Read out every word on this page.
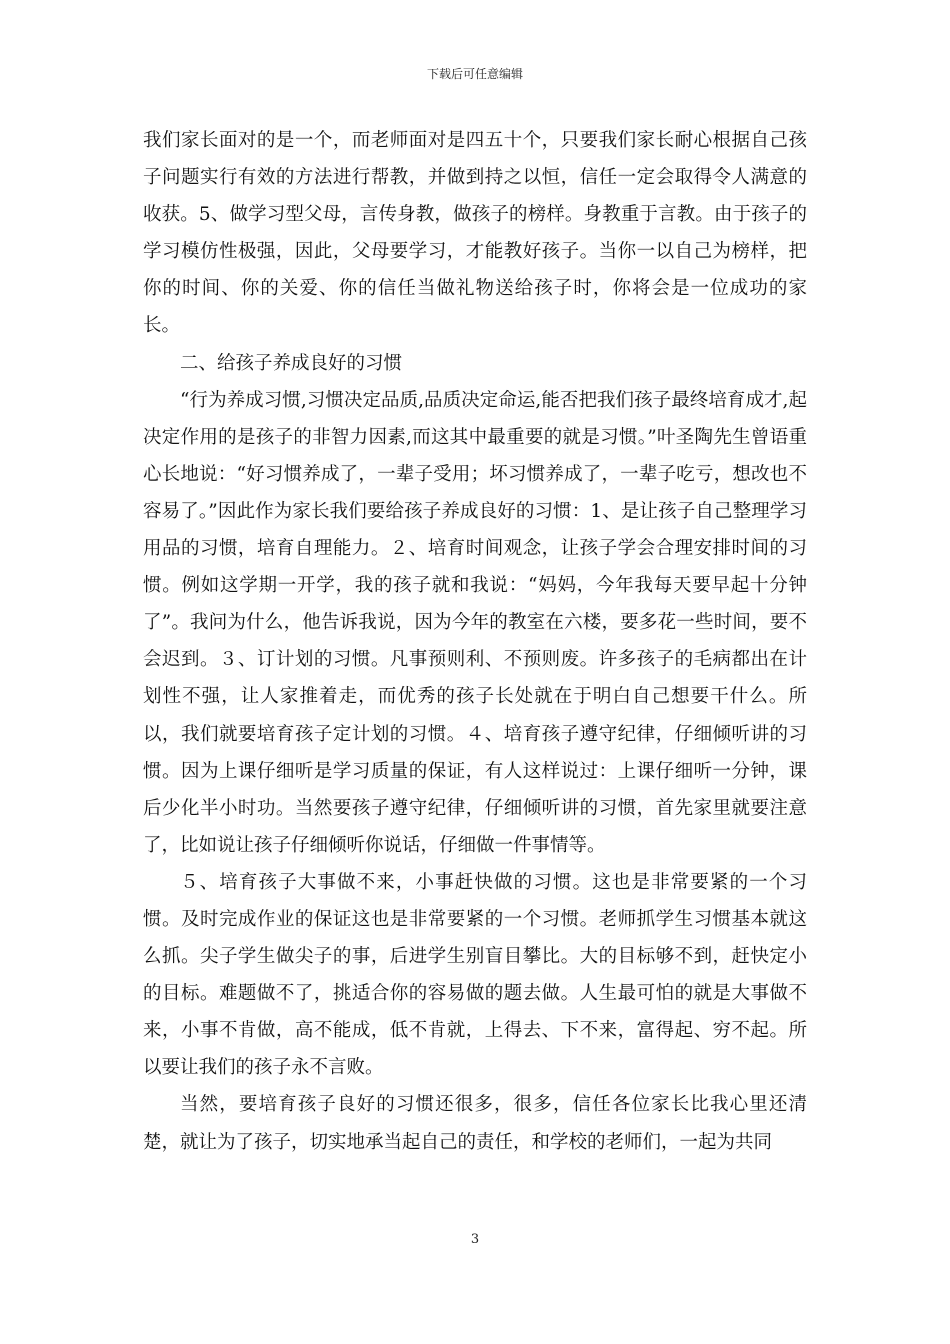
下载后可任意编辑

我们家长面对的是一个，而老师面对是四五十个，只要我们家长耐心根据自己孩子问题实行有效的方法进行帮教，并做到持之以恒，信任一定会取得令人满意的收获。5、做学习型父母，言传身教，做孩子的榜样。身教重于言教。由于孩子的学习模仿性极强，因此，父母要学习，才能教好孩子。当你一以自己为榜样，把你的时间、你的关爱、你的信任当做礼物送给孩子时，你将会是一位成功的家长。

二、给孩子养成良好的习惯

“行为养成习惯,习惯决定品质,品质决定命运,能否把我们孩子最终培育成才,起决定作用的是孩子的非智力因素,而这其中最重要的就是习惯。”叶圣陶先生曾语重心长地说：“好习惯养成了，一辈子受用；坏习惯养成了，一辈子吃亏，想改也不容易了。”因此作为家长我们要给孩子养成良好的习惯：1、是让孩子自己整理学习用品的习惯，培育自理能力。２、培育时间观念，让孩子学会合理安排时间的习惯。例如这学期一开学，我的孩子就和我说：“妈妈，今年我每天要早起十分钟了”。我问为什么，他告诉我说，因为今年的教室在六楼，要多花一些时间，要不会迟到。３、订计划的习惯。凡事预则利、不预则废。许多孩子的毛病都出在计划性不强，让人家推着走，而优秀的孩子长处就在于明白自己想要干什么。所以，我们就要培育孩子定计划的习惯。４、培育孩子遵守纪律，仔细倾听讲的习惯。因为上课仔细听是学习质量的保证，有人这样说过：上课仔细听一分钟，课后少化半小时功。当然要孩子遵守纪律，仔细倾听讲的习惯，首先家里就要注意了，比如说让孩子仔细倾听你说话，仔细做一件事情等。

５、培育孩子大事做不来，小事赶快做的习惯。这也是非常要紧的一个习惯。及时完成作业的保证这也是非常要紧的一个习惯。老师抓学生习惯基本就这么抓。尖子学生做尖子的事，后进学生别盲目攀比。大的目标够不到，赶快定小的目标。难题做不了，挑适合你的容易做的题去做。人生最可怕的就是大事做不来，小事不肯做，高不能成，低不肯就，上得去、下不来，富得起、穷不起。所以要让我们的孩子永不言败。

当然，要培育孩子良好的习惯还很多，很多，信任各位家长比我心里还清楚，就让为了孩子，切实地承当起自己的责任，和学校的老师们，一起为共同

3
